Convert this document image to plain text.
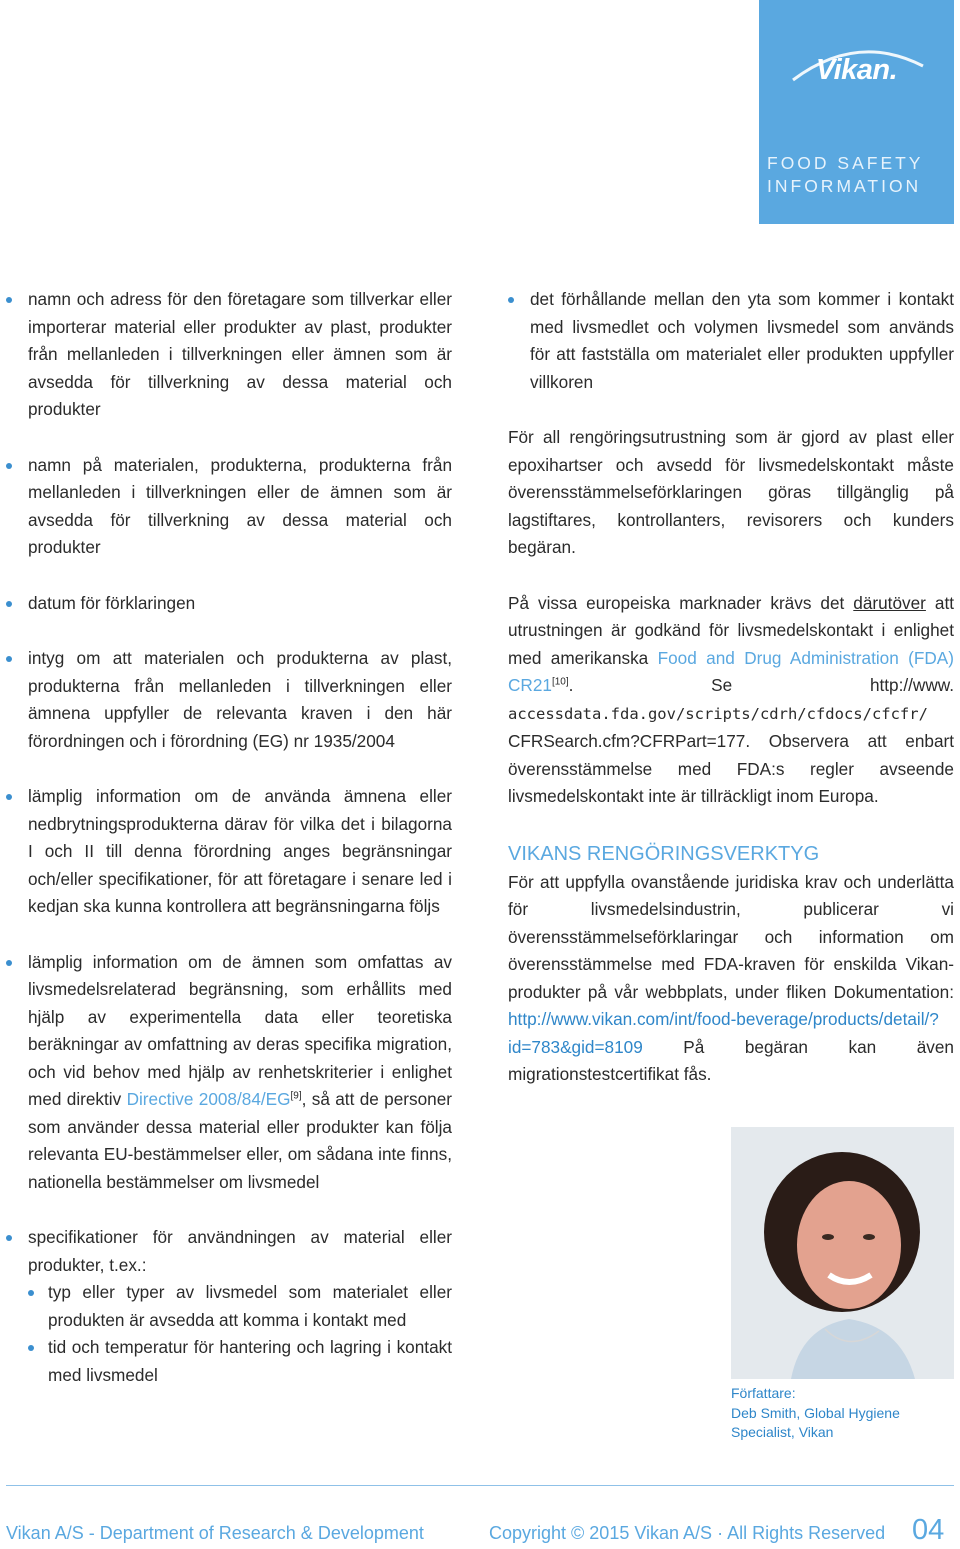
Vikan.
FOOD SAFETY
INFORMATION
namn och adress för den företagare som tillverkar eller importerar material eller produkter av plast, produkter från mellanleden i tillverkningen eller ämnen som är avsedda för tillverkning av dessa material och produkter
namn på materialen, produkterna, produkterna från mellanleden i tillverkningen eller de ämnen som är avsedda för tillverkning av dessa material och produkter
datum för förklaringen
intyg om att materialen och produkterna av plast, produkterna från mellanleden i tillverkningen eller ämnena uppfyller de relevanta kraven i den här förordningen och i förordning (EG) nr 1935/2004
lämplig information om de använda ämnena eller nedbrytningsprodukterna därav för vilka det i bilagorna I och II till denna förordning anges begränsningar och/eller specifikationer, för att företagare i senare led i kedjan ska kunna kontrollera att begränsningarna följs
lämplig information om de ämnen som omfattas av livsmedelsrelaterad begränsning, som erhållits med hjälp av experimentella data eller teoretiska beräkningar av omfattning av deras specifika migration, och vid behov med hjälp av renhetskriterier i enlighet med direktiv Directive 2008/84/EG[9], så att de personer som använder dessa material eller produkter kan följa relevanta EU-bestämmelser eller, om sådana inte finns, nationella bestämmelser om livsmedel
specifikationer för användningen av material eller produkter, t.ex.:
typ eller typer av livsmedel som materialet eller produkten är avsedda att komma i kontakt med
tid och temperatur för hantering och lagring i kontakt med livsmedel
det förhållande mellan den yta som kommer i kontakt med livsmedlet och volymen livsmedel som används för att fastställa om materialet eller produkten uppfyller villkoren
För all rengöringsutrustning som är gjord av plast eller epoxihartser och avsedd för livsmedelskontakt måste överensstämmelseförklaringen göras tillgänglig på lagstiftares, kontrollanters, revisorers och kunders begäran.
På vissa europeiska marknader krävs det därutöver att utrustningen är godkänd för livsmedelskontakt i enlighet med amerikanska Food and Drug Administration (FDA) CR21[10]. Se http://www. accessdata.fda.gov/scripts/cdrh/cfdocs/cfcfr/ CFRSearch.cfm?CFRPart=177. Observera att enbart överensstämmelse med FDA:s regler avseende livsmedelskontakt inte är tillräckligt inom Europa.
VIKANS RENGÖRINGSVERKTYG
För att uppfylla ovanstående juridiska krav och underlätta för livsmedelsindustrin, publicerar vi överensstämmelseförklaringar och information om överensstämmelse med FDA-kraven för enskilda Vikan-produkter på vår webbplats, under fliken Dokumentation: http://www.vikan.com/int/food-beverage/products/detail/?id=783&gid=8109 På begäran kan även migrationstestcertifikat fås.
Författare:
Deb Smith, Global Hygiene
Specialist, Vikan
Vikan A/S - Department of Research & Development	Copyright © 2015 Vikan A/S · All Rights Reserved 04
